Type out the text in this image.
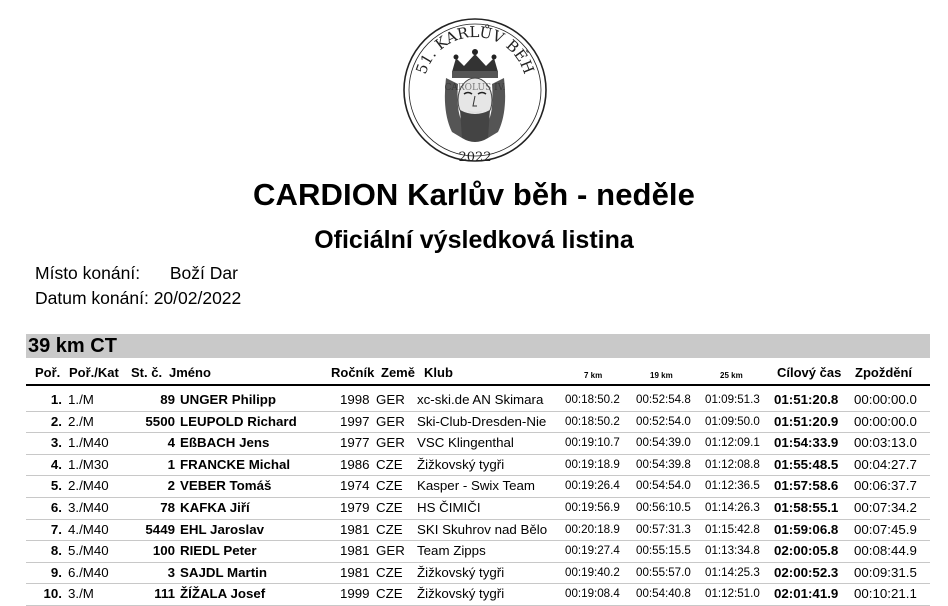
51. KARLŮV BĚH
CAROLUS IV.
2022
CARDION Karlův běh - neděle
Oficiální výsledková listina
Místo konání: Boží Dar
Datum konání: 20/02/2022
39 km CT
Poř. Poř./Kat St. č. Jméno	Ročník Země Klub	7 km	19 km	25 km	Cílový čas Zpoždění
1. 1./M	89 UNGER Philipp	1998 GER xc-ski.de AN Skimara	00:18:50.2 00:52:54.8 01:09:51.3 01:51:20.8 00:00:00.0
2. 2./M	5500 LEUPOLD Richard	1997 GER Ski-Club-Dresden-Nie	00:18:50.2 00:52:54.0 01:09:50.0 01:51:20.9 00:00:00.0
3. 1./M40	4 EßBACH Jens	1977 GER VSC Klingenthal	00:19:10.7 00:54:39.0 01:12:09.1 01:54:33.9 00:03:13.0
4. 1./M30	1 FRANCKE Michal	1986 CZE Žižkovský tygři	00:19:18.9 00:54:39.8 01:12:08.8 01:55:48.5 00:04:27.7
5. 2./M40	2 VEBER Tomáš	1974 CZE Kasper - Swix Team	00:19:26.4 00:54:54.0 01:12:36.5 01:57:58.6 00:06:37.7
6. 3./M40	78 KAFKA Jiří	1979 CZE HS ČIMIČI	00:19:56.9 00:56:10.5 01:14:26.3 01:58:55.1 00:07:34.2
7. 4./M40	5449 EHL Jaroslav	1981 CZE SKI Skuhrov nad Bělo	00:20:18.9 00:57:31.3 01:15:42.8 01:59:06.8 00:07:45.9
8. 5./M40	100 RIEDL Peter	1981 GER Team Zipps	00:19:27.4 00:55:15.5 01:13:34.8 02:00:05.8 00:08:44.9
9. 6./M40	3 SAJDL Martin	1981 CZE Žižkovský tygři	00:19:40.2 00:55:57.0 01:14:25.3 02:00:52.3 00:09:31.5
10. 3./M	111 ŽÍŽALA Josef	1999 CZE Žižkovský tygři	00:19:08.4 00:54:40.8 01:12:51.0 02:01:41.9 00:10:21.1
